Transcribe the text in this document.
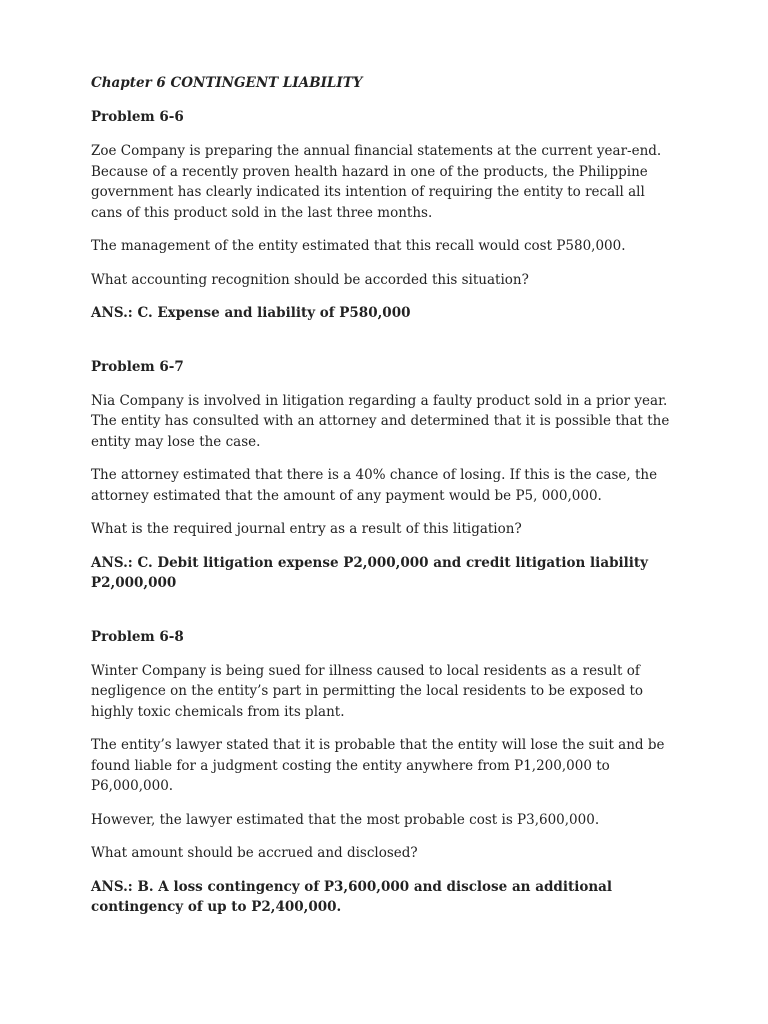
Chapter 6 CONTINGENT LIABILITY
Problem 6-6

Zoe Company is preparing the annual financial statements at the current year-end. Because of a recently proven health hazard in one of the products, the Philippine government has clearly indicated its intention of requiring the entity to recall all cans of this product sold in the last three months.

The management of the entity estimated that this recall would cost P580,000.

What accounting recognition should be accorded this situation?

ANS.: C. Expense and liability of P580,000

Problem 6-7

Nia Company is involved in litigation regarding a faulty product sold in a prior year. The entity has consulted with an attorney and determined that it is possible that the entity may lose the case.

The attorney estimated that there is a 40% chance of losing. If this is the case, the attorney estimated that the amount of any payment would be P5, 000,000.

What is the required journal entry as a result of this litigation?

ANS.: C. Debit litigation expense P2,000,000 and credit litigation liability P2,000,000

Problem 6-8

Winter Company is being sued for illness caused to local residents as a result of negligence on the entity’s part in permitting the local residents to be exposed to highly toxic chemicals from its plant.

The entity’s lawyer stated that it is probable that the entity will lose the suit and be found liable for a judgment costing the entity anywhere from P1,200,000 to P6,000,000.

However, the lawyer estimated that the most probable cost is P3,600,000.

What amount should be accrued and disclosed?

ANS.: B. A loss contingency of P3,600,000 and disclose an additional contingency of up to P2,400,000.
